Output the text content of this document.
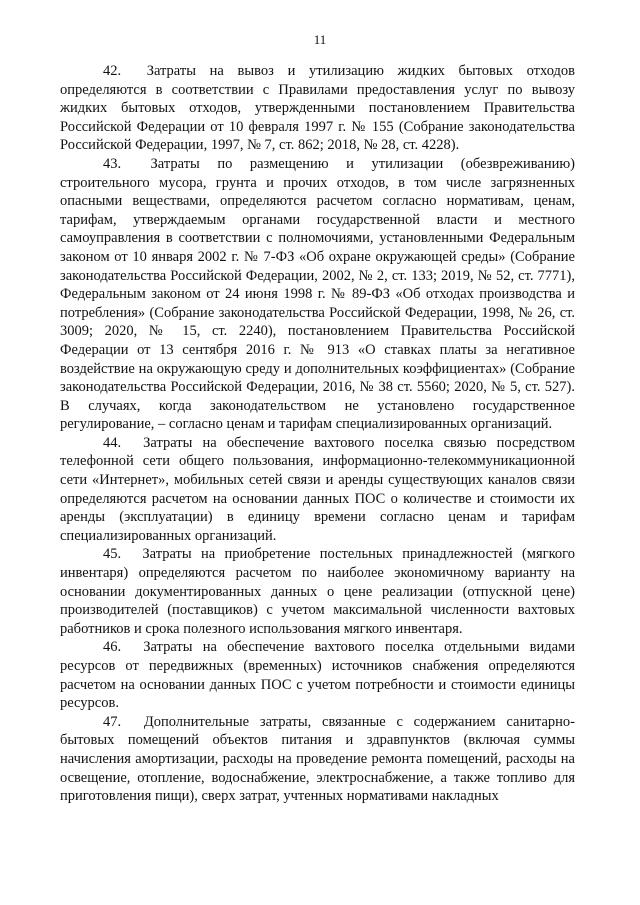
11

42. Затраты на вывоз и утилизацию жидких бытовых отходов определяются в соответствии с Правилами предоставления услуг по вывозу жидких бытовых отходов, утвержденными постановлением Правительства Российской Федерации от 10 февраля 1997 г. № 155 (Собрание законодательства Российской Федерации, 1997, № 7, ст. 862; 2018, № 28, ст. 4228).

43. Затраты по размещению и утилизации (обезвреживанию) строительного мусора, грунта и прочих отходов, в том числе загрязненных опасными веществами, определяются расчетом согласно нормативам, ценам, тарифам, утверждаемым органами государственной власти и местного самоуправления в соответствии с полномочиями, установленными Федеральным законом от 10 января 2002 г. № 7-ФЗ «Об охране окружающей среды» (Собрание законодательства Российской Федерации, 2002, № 2, ст. 133; 2019, № 52, ст. 7771), Федеральным законом от 24 июня 1998 г. № 89-ФЗ «Об отходах производства и потребления» (Собрание законодательства Российской Федерации, 1998, № 26, ст. 3009; 2020, № 15, ст. 2240), постановлением Правительства Российской Федерации от 13 сентября 2016 г. № 913 «О ставках платы за негативное воздействие на окружающую среду и дополнительных коэффициентах» (Собрание законодательства Российской Федерации, 2016, № 38 ст. 5560; 2020, № 5, ст. 527). В случаях, когда законодательством не установлено государственное регулирование, – согласно ценам и тарифам специализированных организаций.

44. Затраты на обеспечение вахтового поселка связью посредством телефонной сети общего пользования, информационно-телекоммуникационной сети «Интернет», мобильных сетей связи и аренды существующих каналов связи определяются расчетом на основании данных ПОС о количестве и стоимости их аренды (эксплуатации) в единицу времени согласно ценам и тарифам специализированных организаций.

45. Затраты на приобретение постельных принадлежностей (мягкого инвентаря) определяются расчетом по наиболее экономичному варианту на основании документированных данных о цене реализации (отпускной цене) производителей (поставщиков) с учетом максимальной численности вахтовых работников и срока полезного использования мягкого инвентаря.

46. Затраты на обеспечение вахтового поселка отдельными видами ресурсов от передвижных (временных) источников снабжения определяются расчетом на основании данных ПОС с учетом потребности и стоимости единицы ресурсов.

47. Дополнительные затраты, связанные с содержанием санитарно-бытовых помещений объектов питания и здравпунктов (включая суммы начисления амортизации, расходы на проведение ремонта помещений, расходы на освещение, отопление, водоснабжение, электроснабжение, а также топливо для приготовления пищи), сверх затрат, учтенных нормативами накладных
